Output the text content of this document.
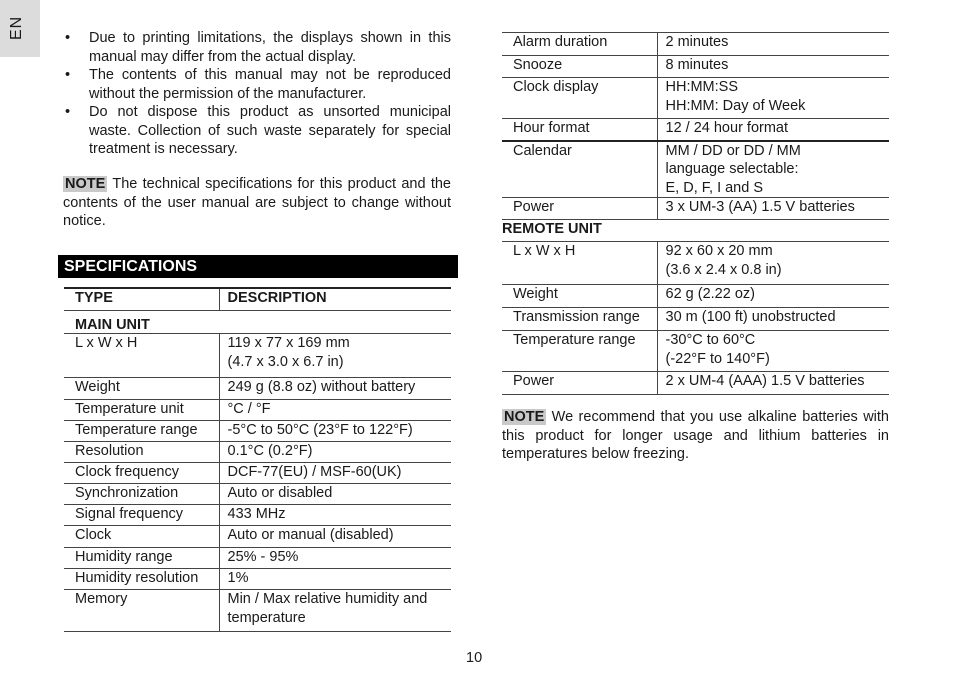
EN	• Due to printing limitations, the displays shown in this manual may differ from the actual display.
• The contents of this manual may not be reproduced without the permission of the manufacturer.
• Do not dispose this product as unsorted municipal waste. Collection of such waste separately for special treatment is necessary.
NOTE The technical specifications for this product and the contents of the user manual are subject to change without notice.
SPECIFICATIONS
TYPE	DESCRIPTION
MAIN UNIT
L x W x H	119 x 77 x 169 mm
(4.7 x 3.0 x 6.7 in)
Weight	249 g (8.8 oz) without battery
Temperature unit	°C / °F
Temperature range	-5°C to 50°C (23°F to 122°F)
Resolution	0.1°C (0.2°F)
Clock frequency	DCF-77(EU) / MSF-60(UK)
Synchronization	Auto or disabled
Signal frequency	433 MHz
Clock	Auto or manual (disabled)
Humidity range	25% - 95%
Humidity resolution	1%
Memory	Min / Max relative humidity and temperature
Alarm duration	2 minutes
Snooze	8 minutes
Clock display	HH:MM:SS
HH:MM: Day of Week
Hour format	12 / 24 hour format
Calendar	MM / DD or DD / MM
language selectable:
E, D, F, I and S
Power	3 x UM-3 (AA) 1.5 V batteries
REMOTE UNIT	
L x W x H	92 x 60 x 20 mm
(3.6 x 2.4 x 0.8 in)
Weight	62 g (2.22 oz)
Transmission range	30 m (100 ft) unobstructed
Temperature range	-30°C to 60°C
(-22°F to 140°F)
Power	2 x UM-4 (AAA) 1.5 V batteries
NOTE We recommend that you use alkaline batteries with this product for longer usage and lithium batteries in temperatures below freezing.
10
